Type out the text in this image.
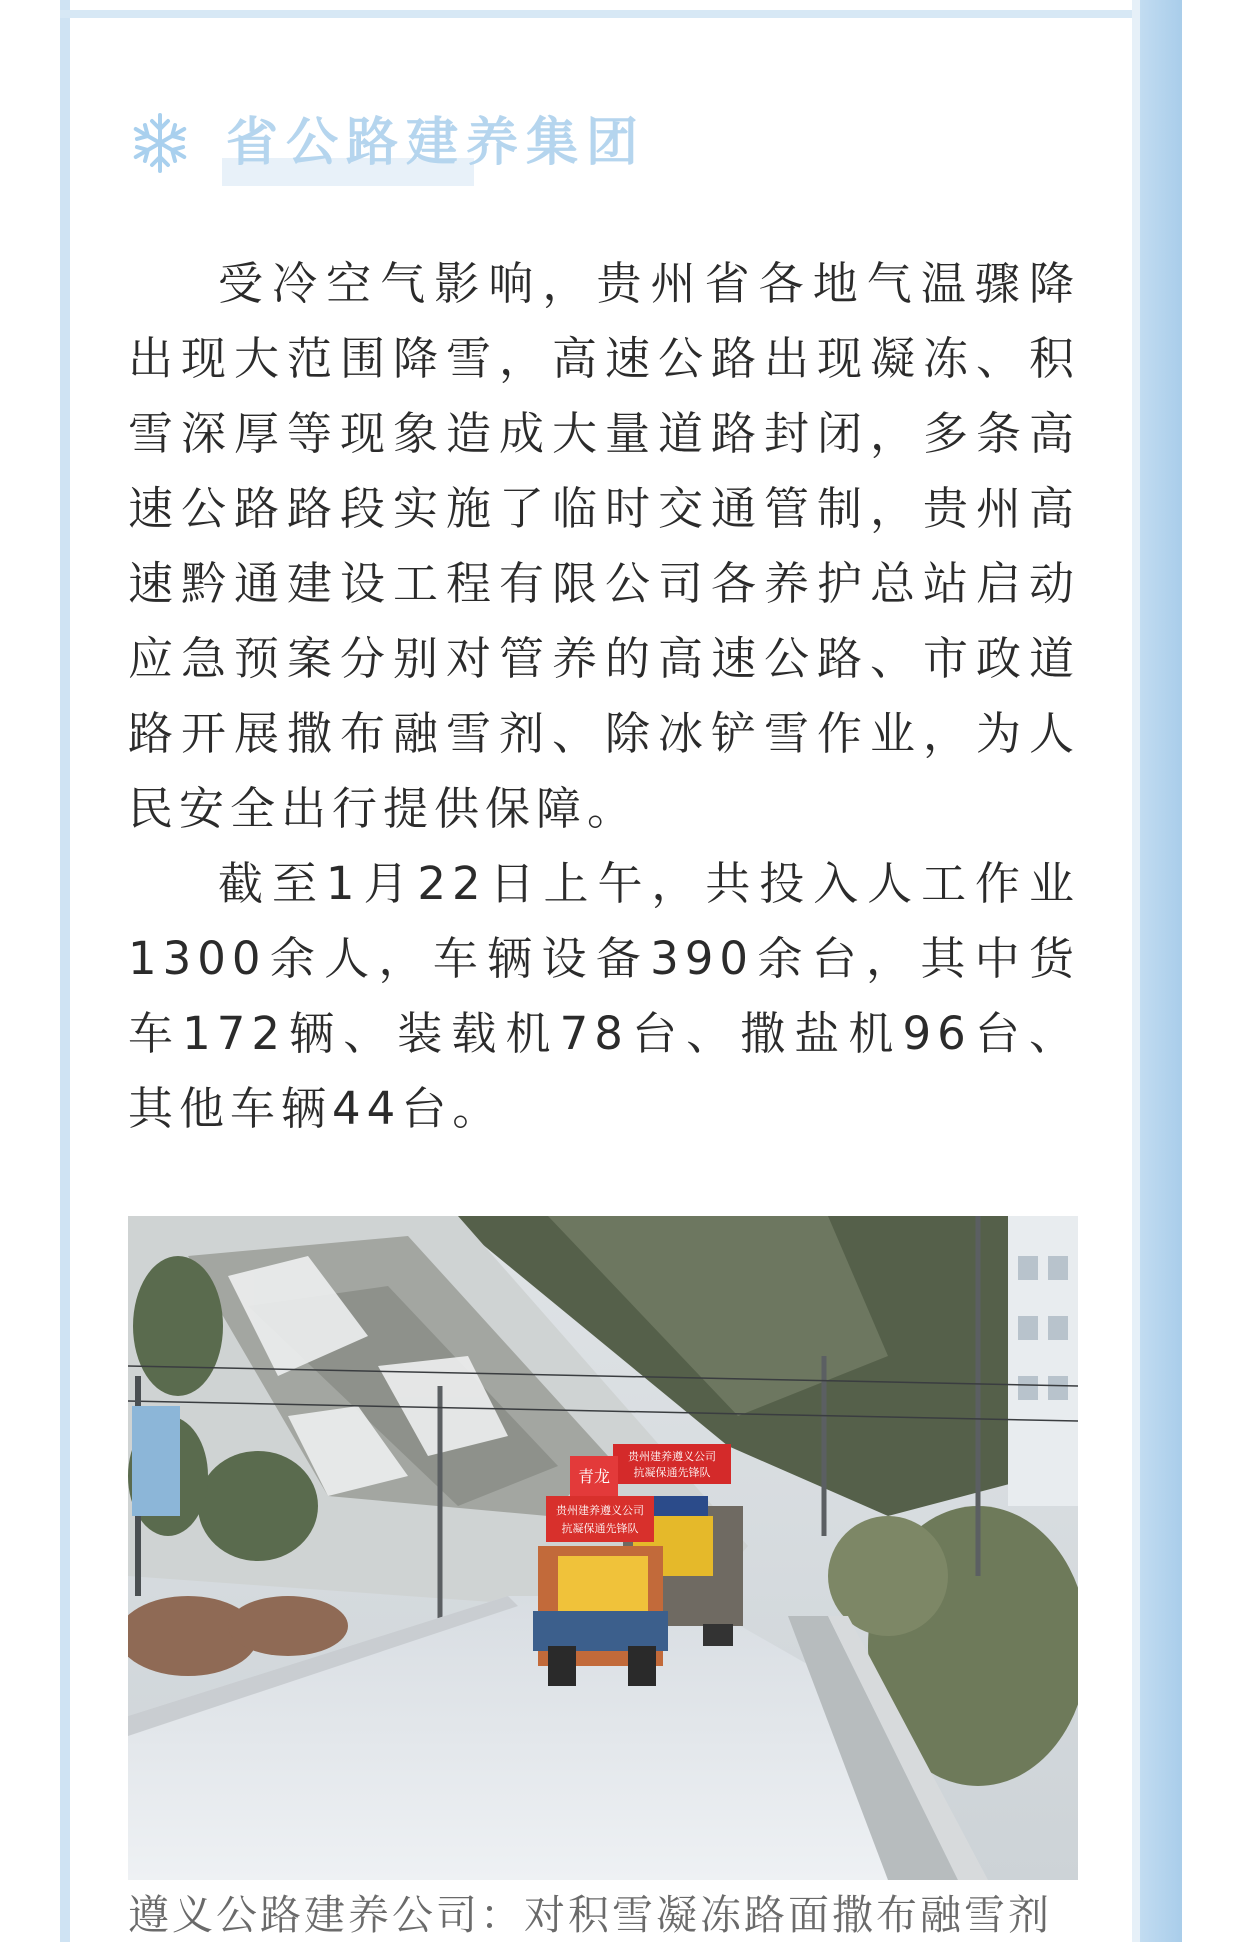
省公路建养集团

受冷空气影响，贵州省各地气温骤降出现大范围降雪，高速公路出现凝冻、积雪深厚等现象造成大量道路封闭，多条高速公路路段实施了临时交通管制，贵州高速黔通建设工程有限公司各养护总站启动应急预案分别对管养的高速公路、市政道路开展撒布融雪剂、除冰铲雪作业，为人民安全出行提供保障。

截至1月22日上午，共投入人工作业1300余人，车辆设备390余台，其中货车172辆、装载机78台、撒盐机96台、其他车辆44台。

贵州建养遵义公司
抗凝保通先锋队
青龙
贵州建养遵义公司
抗凝保通先锋队
遵义公路建养公司：对积雪凝冻路面撒布融雪剂
